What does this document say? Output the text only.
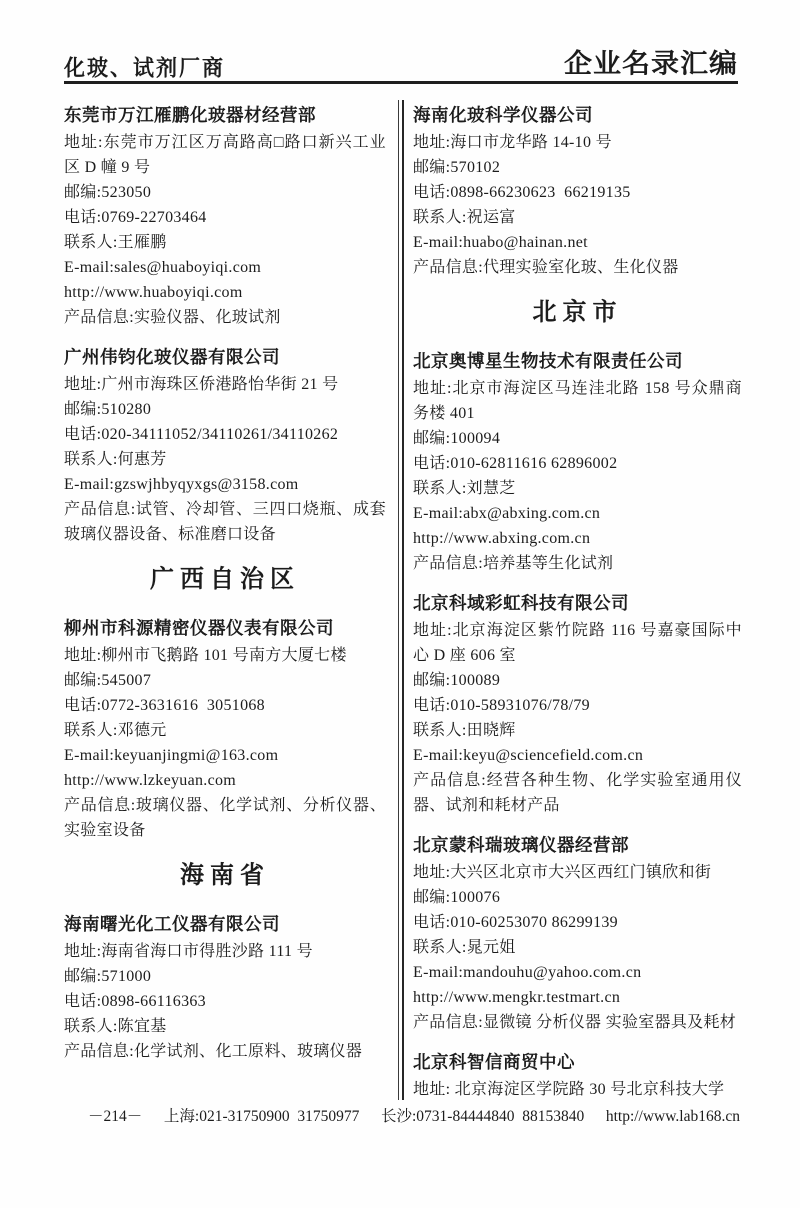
化玻、试剂厂商	企业名录汇编
东莞市万江雁鹏化玻器材经营部
地址:东莞市万江区万高路高□路口新兴工业区 D 幢 9 号
邮编:523050
电话:0769-22703464
联系人:王雁鹏
E-mail:sales@huaboyiqi.com
http://www.huaboyiqi.com
产品信息:实验仪器、化玻试剂
广州伟钧化玻仪器有限公司
地址:广州市海珠区侨港路怡华街 21 号
邮编:510280
电话:020-34111052/34110261/34110262
联系人:何惠芳
E-mail:gzswjhbyqyxgs@3158.com
产品信息:试管、冷却管、三四口烧瓶、成套玻璃仪器设备、标准磨口设备
广西自治区
柳州市科源精密仪器仪表有限公司
地址:柳州市飞鹅路 101 号南方大厦七楼
邮编:545007
电话:0772-3631616  3051068
联系人:邓德元
E-mail:keyuanjingmi@163.com
http://www.lzkeyuan.com
产品信息:玻璃仪器、化学试剂、分析仪器、实验室设备
海南省
海南曙光化工仪器有限公司
地址:海南省海口市得胜沙路 111 号
邮编:571000
电话:0898-66116363
联系人:陈宜基
产品信息:化学试剂、化工原料、玻璃仪器
海南化玻科学仪器公司
地址:海口市龙华路 14-10 号
邮编:570102
电话:0898-66230623  66219135
联系人:祝运富
E-mail:huabo@hainan.net
产品信息:代理实验室化玻、生化仪器
北京市
北京奥博星生物技术有限责任公司
地址:北京市海淀区马连洼北路 158 号众鼎商务楼 401
邮编:100094
电话:010-62811616 62896002
联系人:刘慧芝
E-mail:abx@abxing.com.cn
http://www.abxing.com.cn
产品信息:培养基等生化试剂
北京科域彩虹科技有限公司
地址:北京海淀区紫竹院路 116 号嘉豪国际中心 D 座 606 室
邮编:100089
电话:010-58931076/78/79
联系人:田晓辉
E-mail:keyu@sciencefield.com.cn
产品信息:经营各种生物、化学实验室通用仪器、试剂和耗材产品
北京蒙科瑞玻璃仪器经营部
地址:大兴区北京市大兴区西红门镇欣和街
邮编:100076
电话:010-60253070 86299139
联系人:晁元姐
E-mail:mandouhu@yahoo.com.cn
http://www.mengkr.testmart.cn
产品信息:显微镜 分析仪器 实验室器具及耗材
北京科智信商贸中心
地址: 北京海淀区学院路 30 号北京科技大学
－214－ 上海:021-31750900  31750977 长沙:0731-84444840  88153840 http://www.lab168.cn
